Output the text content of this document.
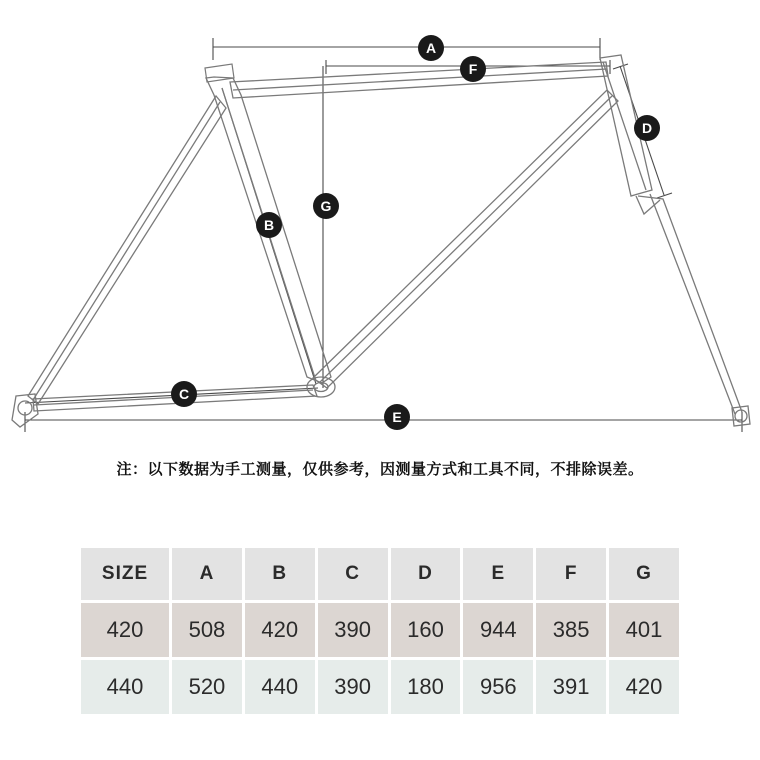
A
F
D
B
G
C
E
注：以下数据为手工测量，仅供参考，因测量方式和工具不同，不排除误差。
SIZE	A	B	C	D	E	F	G
420	508	420	390	160	944	385	401
440	520	440	390	180	956	391	420
